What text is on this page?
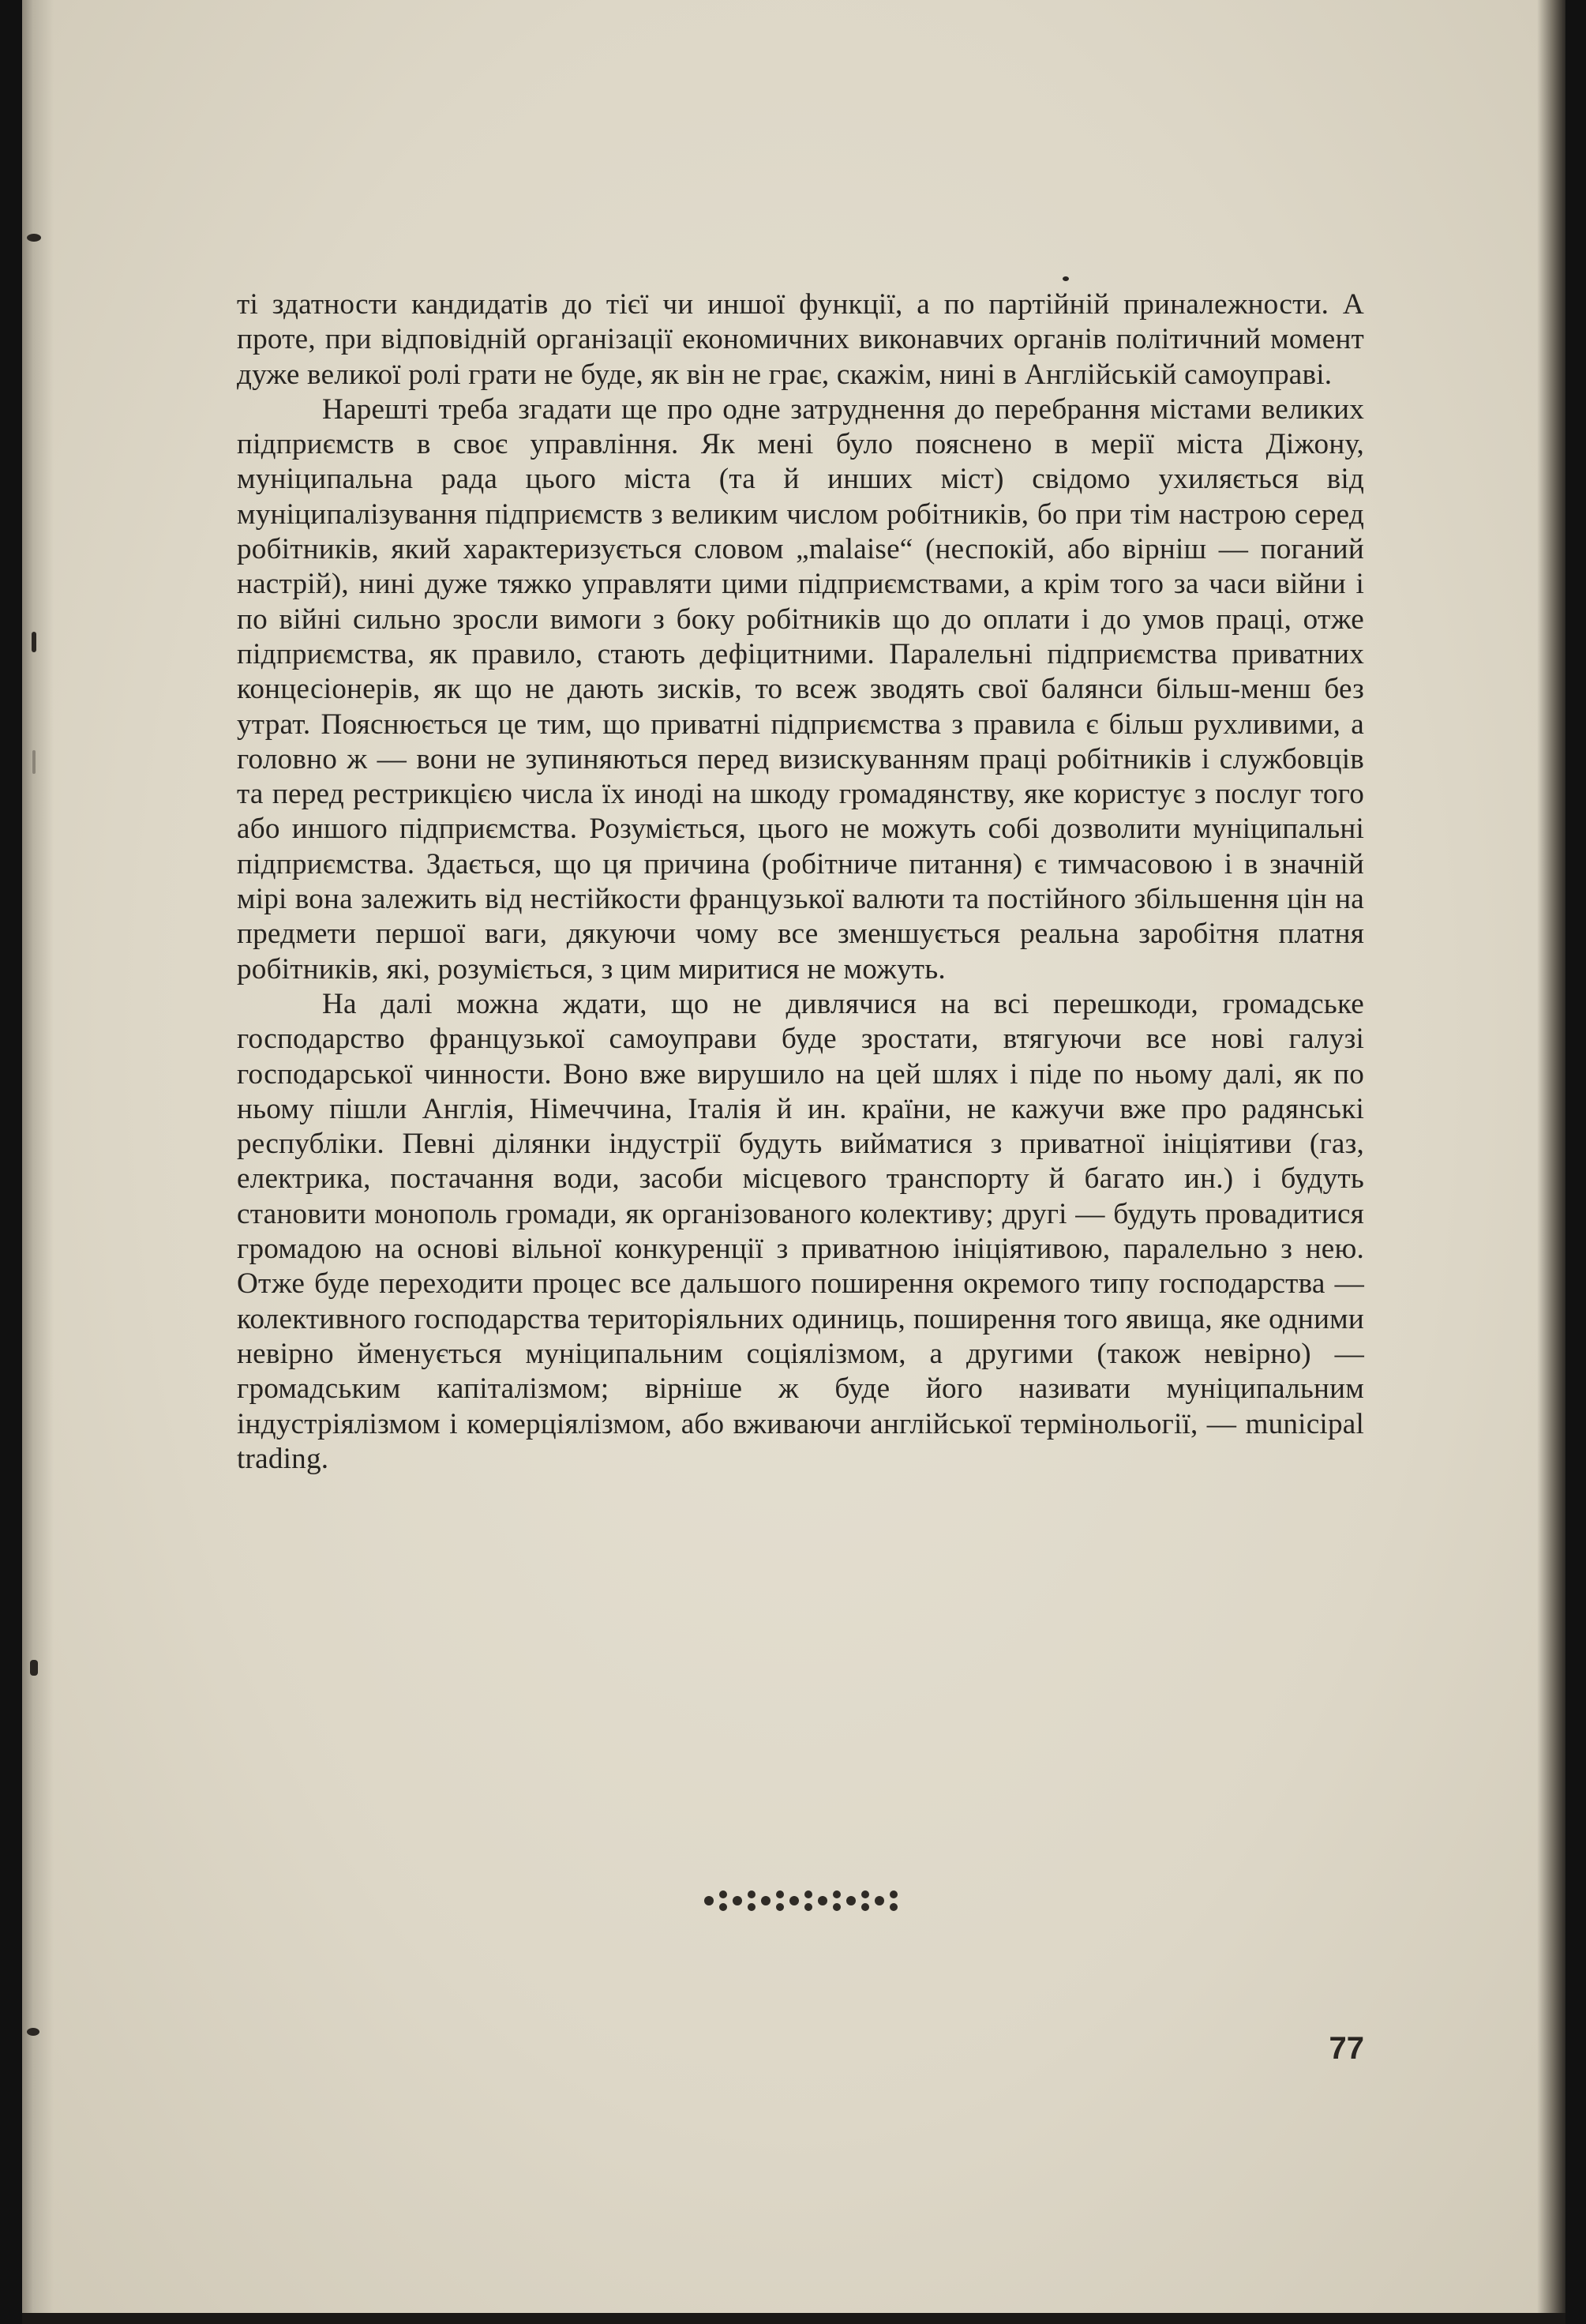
ті здатности кандидатів до тієї чи иншої функції, а по партійній приналежности. А проте, при відповідній організації економичних виконавчих органів політичний момент дуже великої ролі грати не буде, як він не грає, скажім, нині в Англійській самоуправі.

Нарешті треба згадати ще про одне затруднення до перебрання містами великих підприємств в своє управління. Як мені було пояснено в мерії міста Діжону, муніципальна рада цього міста (та й инших міст) свідомо ухиляється від муніципалізування підприємств з великим числом робітників, бо при тім настрою серед робітників, який характеризується словом „malaise“ (неспокій, або вірніш — поганий настрій), нині дуже тяжко управляти цими підприємствами, а крім того за часи війни і по війні сильно зросли вимоги з боку робітників що до оплати і до умов праці, отже підприємства, як правило, стають дефіцитними. Паралельні підприємства приватних концесіонерів, як що не дають зисків, то всеж зводять свої балянси більш-менш без утрат. Пояснюється це тим, що приватні підприємства з правила є більш рухливими, а головно ж — вони не зупиняються перед визискуванням праці робітників і службовців та перед рестрикцією числа їх иноді на шкоду громадянству, яке користує з послуг того або иншого підприємства. Розуміється, цього не можуть собі дозволити муніципальні підприємства. Здається, що ця причина (робітниче питання) є тимчасовою і в значній мірі вона залежить від нестійкости французької валюти та постійного збільшення цін на предмети першої ваги, дякуючи чому все зменшується реальна заробітня платня робітників, які, розуміється, з цим миритися не можуть.

На далі можна ждати, що не дивлячися на всі перешкоди, громадське господарство французької самоуправи буде зростати, втягуючи все нові галузі господарської чинности. Воно вже вирушило на цей шлях і піде по ньому далі, як по ньому пішли Англія, Німеччина, Італія й ин. країни, не кажучи вже про радянські республіки. Певні ділянки індустрії будуть вийматися з приватної ініціятиви (газ, електрика, постачання води, засоби місцевого транспорту й багато ин.) і будуть становити монополь громади, як організованого колективу; другі — будуть провадитися громадою на основі вільної конкуренції з приватною ініціятивою, паралельно з нею. Отже буде переходити процес все дальшого поширення окремого типу господарства — колективного господарства територіяльних одиниць, поширення того явища, яке одними невірно йменується муніципальним соціялізмом, а другими (також невірно) — громадським капіталізмом; вірніше ж буде його називати муніципальним індустріялізмом і комерціялізмом, або вживаючи англійської термінольогії, — municipal trading.

77
